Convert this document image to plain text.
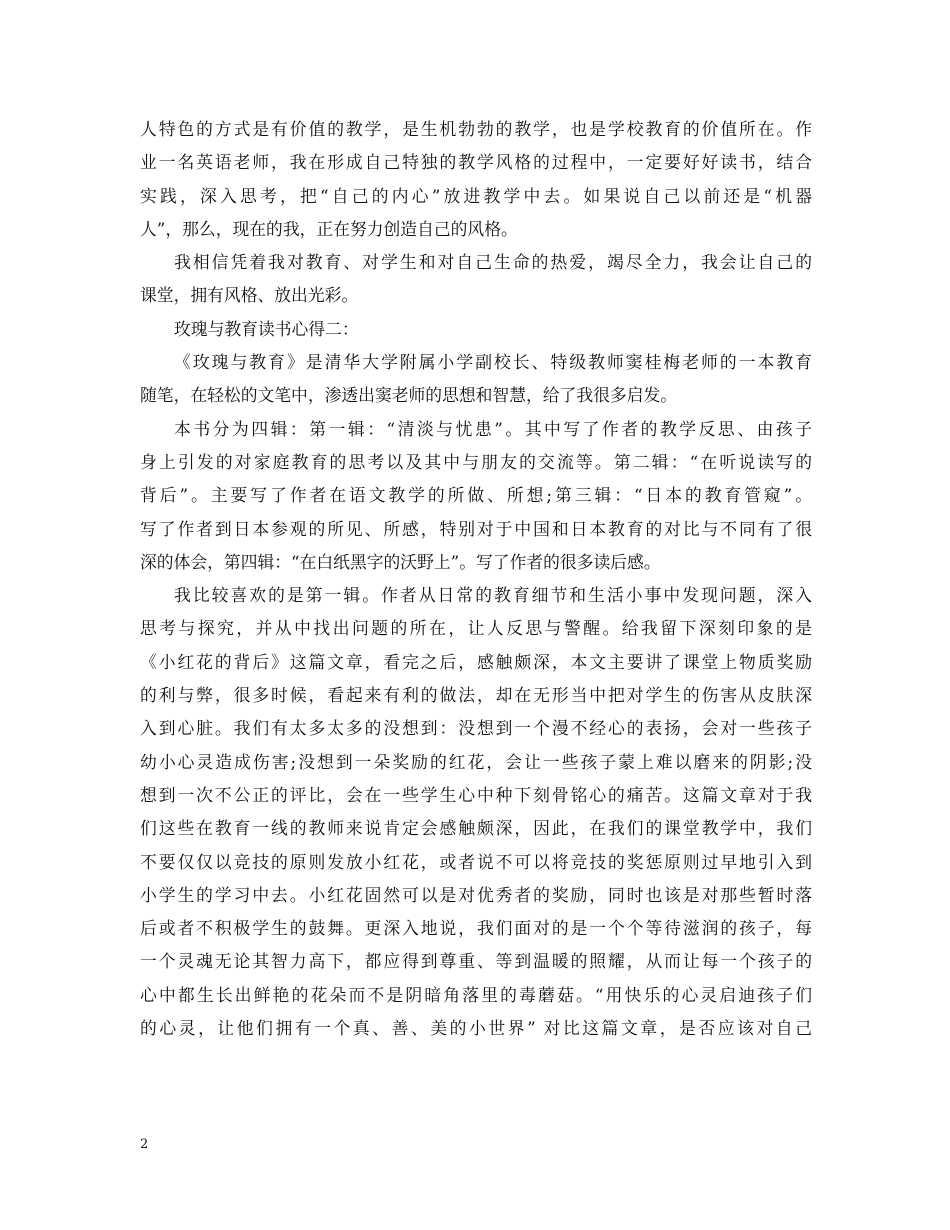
人特色的方式是有价值的教学，是生机勃勃的教学，也是学校教育的价值所在。作
业一名英语老师，我在形成自己特独的教学风格的过程中，一定要好好读书，结合
实践，深入思考，把“自己的内心”放进教学中去。如果说自己以前还是“机器
人”，那么，现在的我，正在努力创造自己的风格。
我相信凭着我对教育、对学生和对自己生命的热爱，竭尽全力，我会让自己的
课堂，拥有风格、放出光彩。
玫瑰与教育读书心得二：
《玫瑰与教育》是清华大学附属小学副校长、特级教师窦桂梅老师的一本教育
随笔，在轻松的文笔中，渗透出窦老师的思想和智慧，给了我很多启发。
本书分为四辑：第一辑：“清淡与忧患”。其中写了作者的教学反思、由孩子
身上引发的对家庭教育的思考以及其中与朋友的交流等。第二辑：“在听说读写的
背后”。主要写了作者在语文教学的所做、所想;第三辑：“日本的教育管窥”。
写了作者到日本参观的所见、所感，特别对于中国和日本教育的对比与不同有了很
深的体会，第四辑：“在白纸黑字的沃野上”。写了作者的很多读后感。
我比较喜欢的是第一辑。作者从日常的教育细节和生活小事中发现问题，深入
思考与探究，并从中找出问题的所在，让人反思与警醒。给我留下深刻印象的是
《小红花的背后》这篇文章，看完之后，感触颇深，本文主要讲了课堂上物质奖励
的利与弊，很多时候，看起来有利的做法，却在无形当中把对学生的伤害从皮肤深
入到心脏。我们有太多太多的没想到：没想到一个漫不经心的表扬，会对一些孩子
幼小心灵造成伤害;没想到一朵奖励的红花，会让一些孩子蒙上难以磨来的阴影;没
想到一次不公正的评比，会在一些学生心中种下刻骨铭心的痛苦。这篇文章对于我
们这些在教育一线的教师来说肯定会感触颇深，因此，在我们的课堂教学中，我们
不要仅仅以竞技的原则发放小红花，或者说不可以将竞技的奖惩原则过早地引入到
小学生的学习中去。小红花固然可以是对优秀者的奖励，同时也该是对那些暂时落
后或者不积极学生的鼓舞。更深入地说，我们面对的是一个个等待滋润的孩子，每
一个灵魂无论其智力高下，都应得到尊重、等到温暖的照耀，从而让每一个孩子的
心中都生长出鲜艳的花朵而不是阴暗角落里的毒蘑菇。“用快乐的心灵启迪孩子们
的心灵，让他们拥有一个真、善、美的小世界” 对比这篇文章，是否应该对自己
2
